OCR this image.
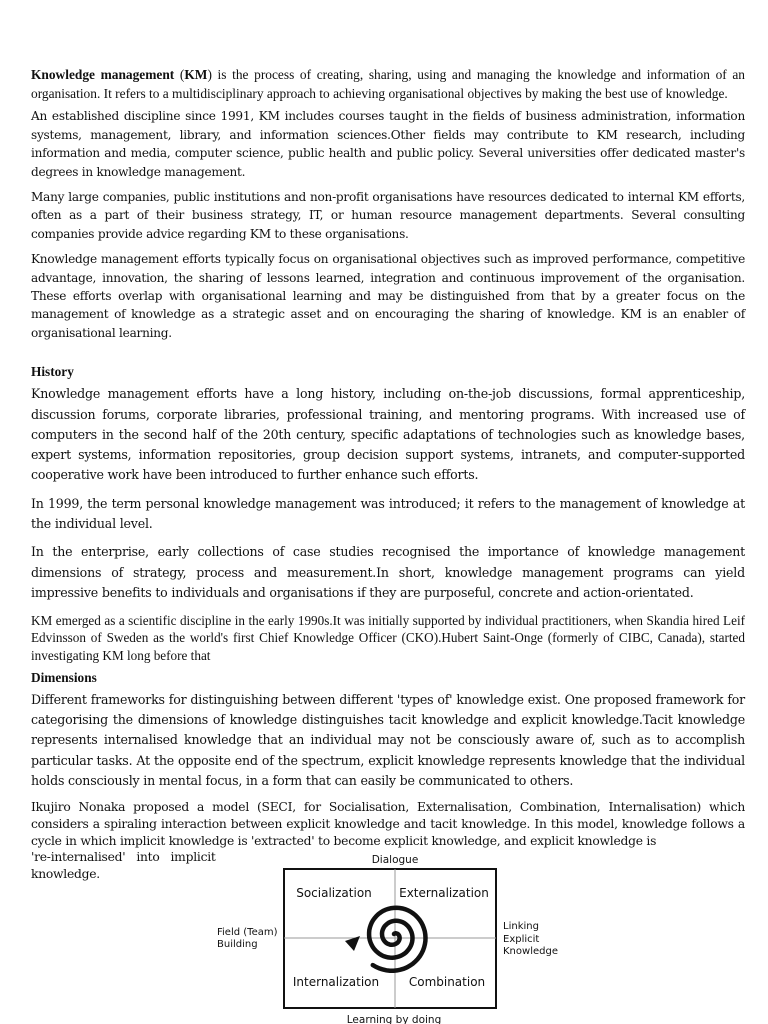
Knowledge management (KM) is the process of creating, sharing, using and managing the knowledge and information of an organisation. It refers to a multidisciplinary approach to achieving organisational objectives by making the best use of knowledge.

An established discipline since 1991, KM includes courses taught in the fields of business administration, information systems, management, library, and information sciences.Other fields may contribute to KM research, including information and media, computer science, public health and public policy. Several universities offer dedicated master's degrees in knowledge management.

Many large companies, public institutions and non-profit organisations have resources dedicated to internal KM efforts, often as a part of their business strategy, IT, or human resource management departments. Several consulting companies provide advice regarding KM to these organisations.

Knowledge management efforts typically focus on organisational objectives such as improved performance, competitive advantage, innovation, the sharing of lessons learned, integration and continuous improvement of the organisation. These efforts overlap with organisational learning and may be distinguished from that by a greater focus on the management of knowledge as a strategic asset and on encouraging the sharing of knowledge. KM is an enabler of organisational learning.

History

Knowledge management efforts have a long history, including on-the-job discussions, formal apprenticeship, discussion forums, corporate libraries, professional training, and mentoring programs. With increased use of computers in the second half of the 20th century, specific adaptations of technologies such as knowledge bases, expert systems, information repositories, group decision support systems, intranets, and computer-supported cooperative work have been introduced to further enhance such efforts.

In 1999, the term personal knowledge management was introduced; it refers to the management of knowledge at the individual level.

In the enterprise, early collections of case studies recognised the importance of knowledge management dimensions of strategy, process and measurement.In short, knowledge management programs can yield impressive benefits to individuals and organisations if they are purposeful, concrete and action-orientated.

KM emerged as a scientific discipline in the early 1990s.It was initially supported by individual practitioners, when Skandia hired Leif Edvinsson of Sweden as the world's first Chief Knowledge Officer (CKO).Hubert Saint-Onge (formerly of CIBC, Canada), started investigating KM long before that

Dimensions

Different frameworks for distinguishing between different 'types of' knowledge exist. One proposed framework for categorising the dimensions of knowledge distinguishes tacit knowledge and explicit knowledge.Tacit knowledge represents internalised knowledge that an individual may not be consciously aware of, such as to accomplish particular tasks. At the opposite end of the spectrum, explicit knowledge represents knowledge that the individual holds consciously in mental focus, in a form that can easily be communicated to others.

Ikujiro Nonaka proposed a model (SECI, for Socialisation, Externalisation, Combination, Internalisation) which considers a spiraling interaction between explicit knowledge and tacit knowledge. In this model, knowledge follows a cycle in which implicit knowledge is 'extracted' to become explicit knowledge, and explicit knowledge is
're-internalised'   into   implicit
knowledge.

Dialogue
Socialization Externalization
Internalization Combination
Field (Team)
Building
Linking
Explicit
Knowledge
Learning by doing
